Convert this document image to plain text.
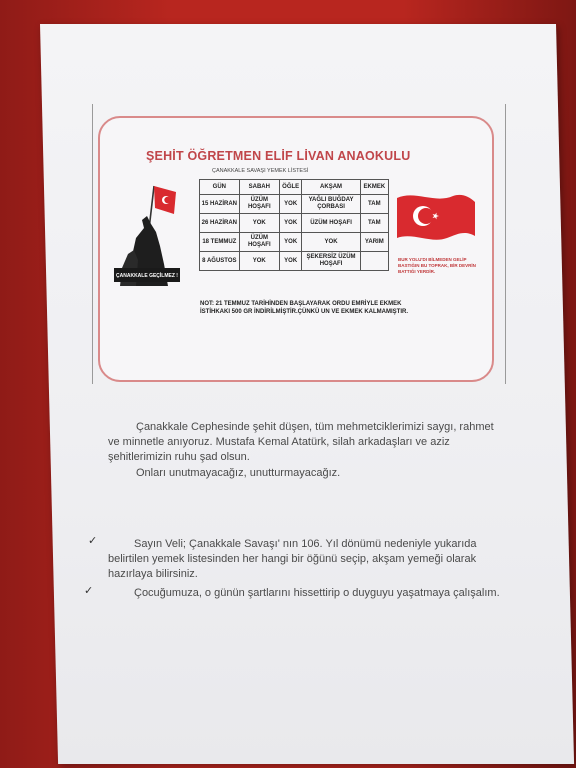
ŞEHİT ÖĞRETMEN ELİF LİVAN ANAOKULU
ÇANAKKALE SAVAŞI YEMEK LİSTESİ
ÇANAKKALE GEÇİLMEZ !
GÜN	SABAH	ÖĞLE	AKŞAM	EKMEK
15 HAZİRAN	ÜZÜM HOŞAFI	YOK	YAĞLI BUĞDAY ÇORBASI	TAM
26 HAZİRAN	YOK	YOK	ÜZÜM HOŞAFI	TAM
18 TEMMUZ	ÜZÜM HOŞAFI	YOK	YOK	YARIM
8 AĞUSTOS	YOK	YOK	ŞEKERSİZ ÜZÜM HOŞAFI	
BUR YOLU'DI BİLMEDEN GELİP BASTIĞIN BU TOPRAK, BİR DEVRİN BATTIĞI YERDİR.
NOT: 21 TEMMUZ TARİHİNDEN BAŞLAYARAK ORDU EMRİYLE EKMEK İSTİHKAKI 500 GR İNDİRİLMİŞTİR.ÇÜNKÜ UN VE EKMEK KALMAMIŞTIR.
Çanakkale Cephesinde şehit düşen, tüm mehmetciklerimizi saygı, rahmet ve minnetle anıyoruz. Mustafa Kemal Atatürk, silah arkadaşları ve aziz şehitlerimizin ruhu şad olsun.
Onları unutmayacağız, unutturmayacağız.
✓	Sayın Veli; Çanakkale Savaşı' nın 106. Yıl dönümü nedeniyle yukarıda belirtilen yemek listesinden her hangi bir öğünü seçip, akşam yemeği olarak hazırlaya bilirsiniz.
✓	Çocuğumuza, o günün şartlarını hissettirip o duyguyu yaşatmaya çalışalım.
